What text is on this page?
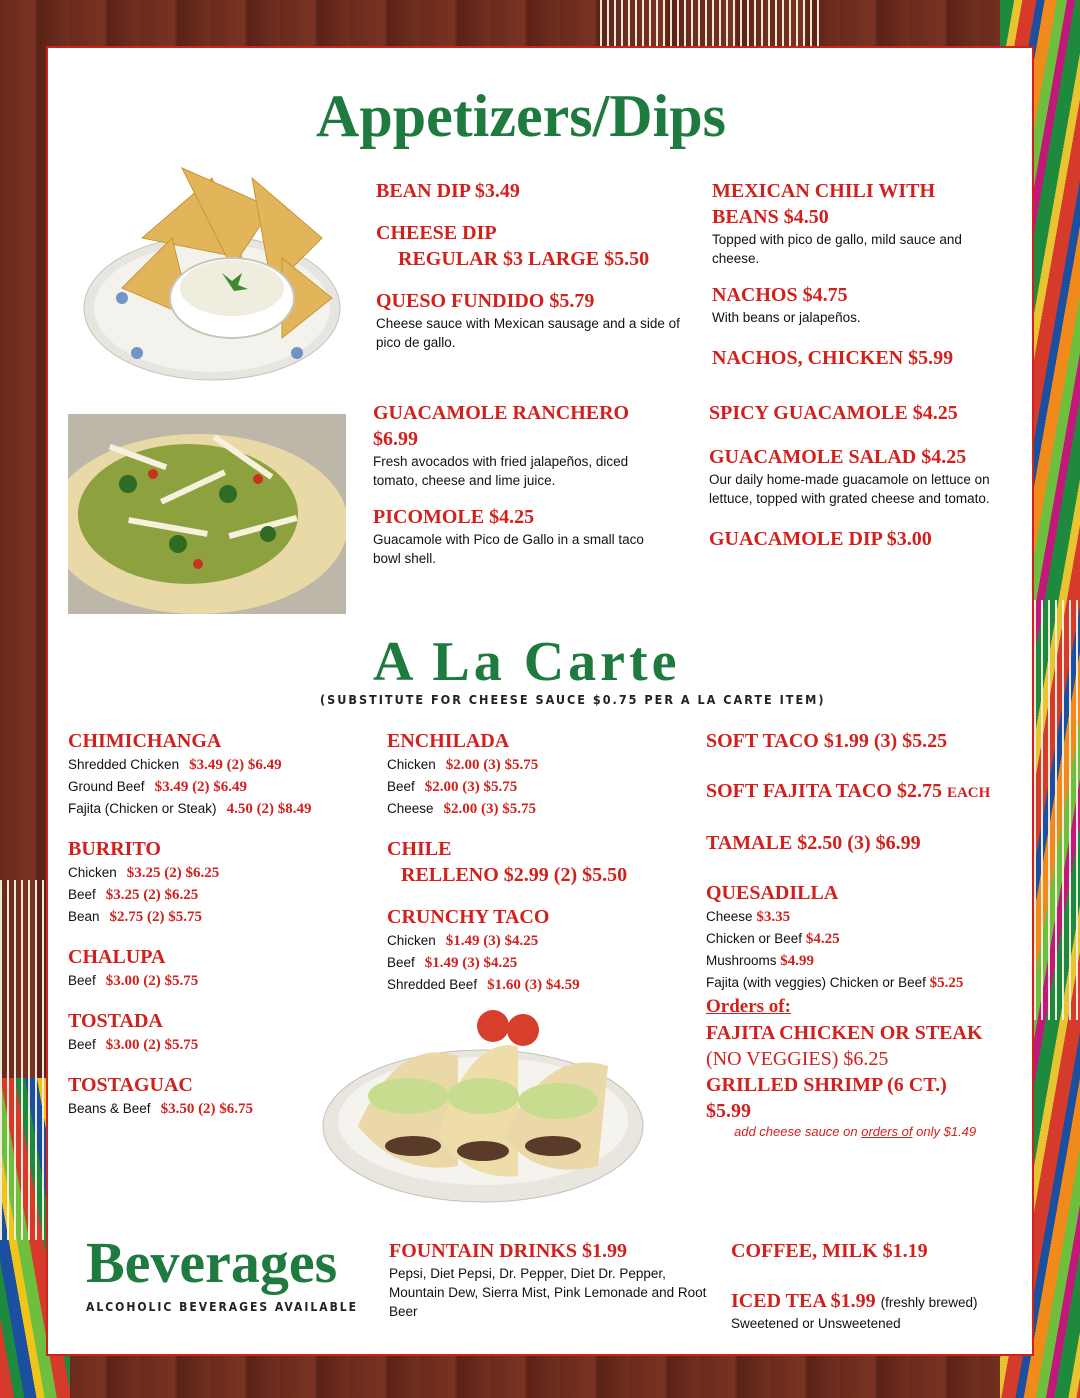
Appetizers/Dips
BEAN DIP $3.49
CHEESE DIP
REGULAR $3 LARGE $5.50
QUESO FUNDIDO $5.79
Cheese sauce with Mexican sausage and a side of pico de gallo.
GUACAMOLE RANCHERO
$6.99
Fresh avocados with fried jalapeños, diced tomato, cheese and lime juice.
PICOMOLE $4.25
Guacamole with Pico de Gallo in a small taco bowl shell.
MEXICAN CHILI WITH
BEANS $4.50
Topped with pico de gallo, mild sauce and cheese.
NACHOS $4.75
With beans or jalapeños.
NACHOS, CHICKEN $5.99
SPICY GUACAMOLE $4.25
GUACAMOLE SALAD $4.25
Our daily home-made guacamole on lettuce on lettuce, topped with grated cheese and tomato.
GUACAMOLE DIP $3.00
A La Carte
(SUBSTITUTE FOR CHEESE SAUCE $0.75 PER A LA CARTE ITEM)
CHIMICHANGA
Shredded Chicken $3.49 (2) $6.49
Ground Beef $3.49 (2) $6.49
Fajita (Chicken or Steak) 4.50 (2) $8.49
BURRITO
Chicken $3.25 (2) $6.25
Beef $3.25 (2) $6.25
Bean $2.75 (2) $5.75
CHALUPA
Beef $3.00 (2) $5.75
TOSTADA
Beef $3.00 (2) $5.75
TOSTAGUAC
Beans & Beef $3.50 (2) $6.75
ENCHILADA
Chicken $2.00 (3) $5.75
Beef $2.00 (3) $5.75
Cheese $2.00 (3) $5.75
CHILE
RELLENO $2.99 (2) $5.50
CRUNCHY TACO
Chicken $1.49 (3) $4.25
Beef $1.49 (3) $4.25
Shredded Beef $1.60 (3) $4.59
SOFT TACO $1.99 (3) $5.25
SOFT FAJITA TACO $2.75 EACH
TAMALE $2.50 (3) $6.99
QUESADILLA
Cheese $3.35
Chicken or Beef $4.25
Mushrooms $4.99
Fajita (with veggies) Chicken or Beef $5.25
Orders of:
FAJITA CHICKEN OR STEAK
(NO VEGGIES) $6.25
GRILLED SHRIMP (6 CT.)
$5.99
add cheese sauce on orders of only $1.49
Beverages
ALCOHOLIC BEVERAGES AVAILABLE
FOUNTAIN DRINKS $1.99
Pepsi, Diet Pepsi, Dr. Pepper, Diet Dr. Pepper, Mountain Dew, Sierra Mist, Pink Lemonade and Root Beer
COFFEE, MILK $1.19
ICED TEA $1.99 (freshly brewed)
Sweetened or Unsweetened
